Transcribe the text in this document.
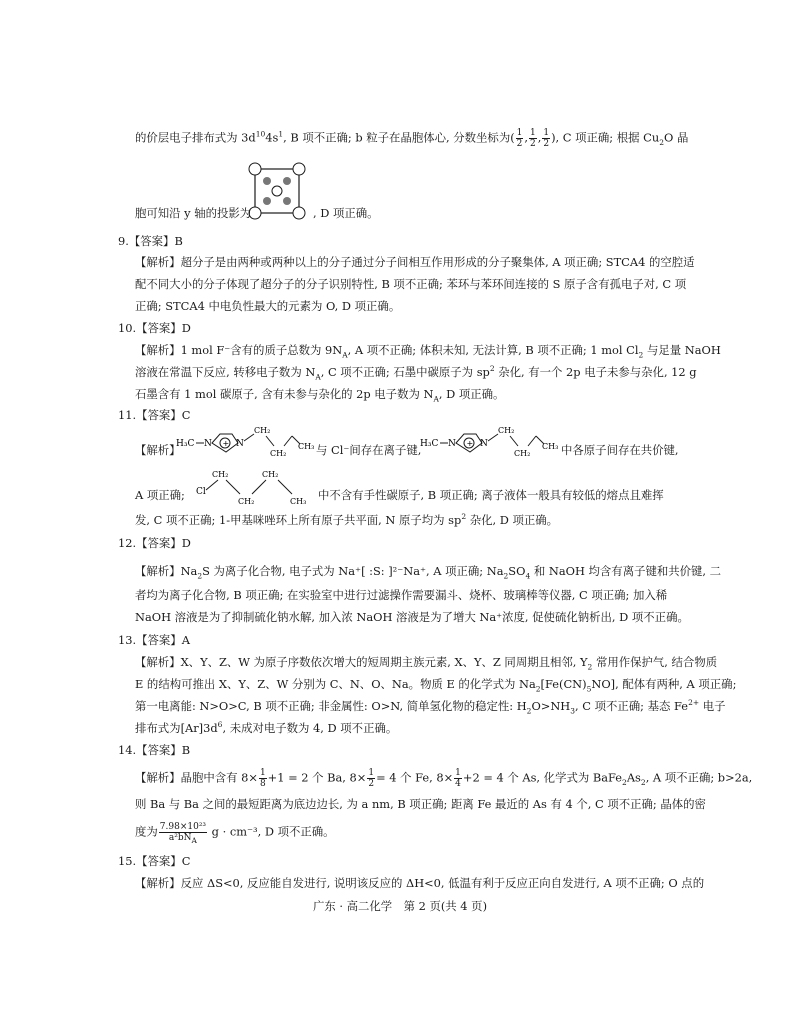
的价层电子排布式为 $3d^{10}4s^1$, B 项不正确; b 粒子在晶胞体心, 分数坐标为( $\frac{1}{2}$ , $\frac{1}{2}$ , $\frac{1}{2}$ ), C 项正确; 根据 $Cu_2O$ 晶
胞可知沿 y 轴的投影为	, D 项正确。
9.【答案】B
【解析】超分子是由两种或两种以上的分子通过分子间相互作用形成的分子聚集体, A 项正确; STCA4 的空腔适
配不同大小的分子体现了超分子的分子识别特性, B 项不正确; 苯环与苯环间连接的 S 原子含有孤电子对, C 项
正确; STCA4 中电负性最大的元素为 O, D 项正确。
10.【答案】D
【解析】1 mol F⁻含有的质子总数为 $9N_A$, A 项不正确; 体积未知, 无法计算, B 项不正确; 1 mol $Cl_2$ 与足量 NaOH
溶液在常温下反应, 转移电子数为 $N_A$, C 项不正确; 石墨中碳原子为 $sp^2$ 杂化, 有一个 2p 电子未参与杂化, 12 g
石墨含有 1 mol 碳原子, 含有未参与杂化的 2p 电子数为 $N_A$, D 项正确。
11.【答案】C
【解析】
H₃C N + N
CH₂
CH₂
CH₃ 与 Cl⁻间存在离子键,
H₃C N + N
CH₂
CH₂
CH₃ 中各原子间存在共价键,
A 项正确; Cl
CH₂
CH₂
CH₂
CH₃ 中不含有手性碳原子, B 项正确; 离子液体一般具有较低的熔点且难挥
发, C 项不正确; 1-甲基咪唑环上所有原子共平面, N 原子均为 $sp^2$ 杂化, D 项正确。
12.【答案】D
【解析】$Na_2S$ 为离子化合物, 电子式为 Na⁺[ :S: ]²⁻Na⁺, A 项正确; $Na_2SO_4$ 和 NaOH 均含有离子键和共价键, 二
者均为离子化合物, B 项正确; 在实验室中进行过滤操作需要漏斗、烧杯、玻璃棒等仪器, C 项正确; 加入稀
NaOH 溶液是为了抑制硫化钠水解, 加入浓 NaOH 溶液是为了增大 Na⁺浓度, 促使硫化钠析出, D 项不正确。
13.【答案】A
【解析】X、Y、Z、W 为原子序数依次增大的短周期主族元素, X、Y、Z 同周期且相邻, $Y_2$ 常用作保护气, 结合物质
E 的结构可推出 X、Y、Z、W 分别为 C、N、O、Na。物质 E 的化学式为 $Na_2[Fe(CN)_5NO]$, 配体有两种, A 项正确;
第一电离能: N>O>C, B 项不正确; 非金属性: O>N, 简单氢化物的稳定性: $H_2O>NH_3$, C 项不正确; 基态 $Fe^{2+}$ 电子
排布式为$[Ar]3d^6$, 未成对电子数为 4, D 项不正确。
14.【答案】B
【解析】晶胞中含有 $8\times \frac{1}{8} +1 = 2$ 个 Ba, $8\times \frac{1}{2} = 4$ 个 Fe, $8\times \frac{1}{4} +2 = 4$ 个 As, 化学式为 $BaFe_2As_2$, A 项不正确; b>2a,
则 Ba 与 Ba 之间的最短距离为底边边长, 为 a nm, B 项正确; 距离 Fe 最近的 As 有 4 个, C 项不正确; 晶体的密
度为 $\frac{\text{7.98×10²³}}{a^2bN_A}$ g · cm⁻³, D 项不正确。
15.【答案】C
【解析】反应 ΔS<0, 反应能自发进行, 说明该反应的 ΔH<0, 低温有利于反应正向自发进行, A 项不正确; O 点的
广东 · 高二化学　第 2 页(共 4 页)
